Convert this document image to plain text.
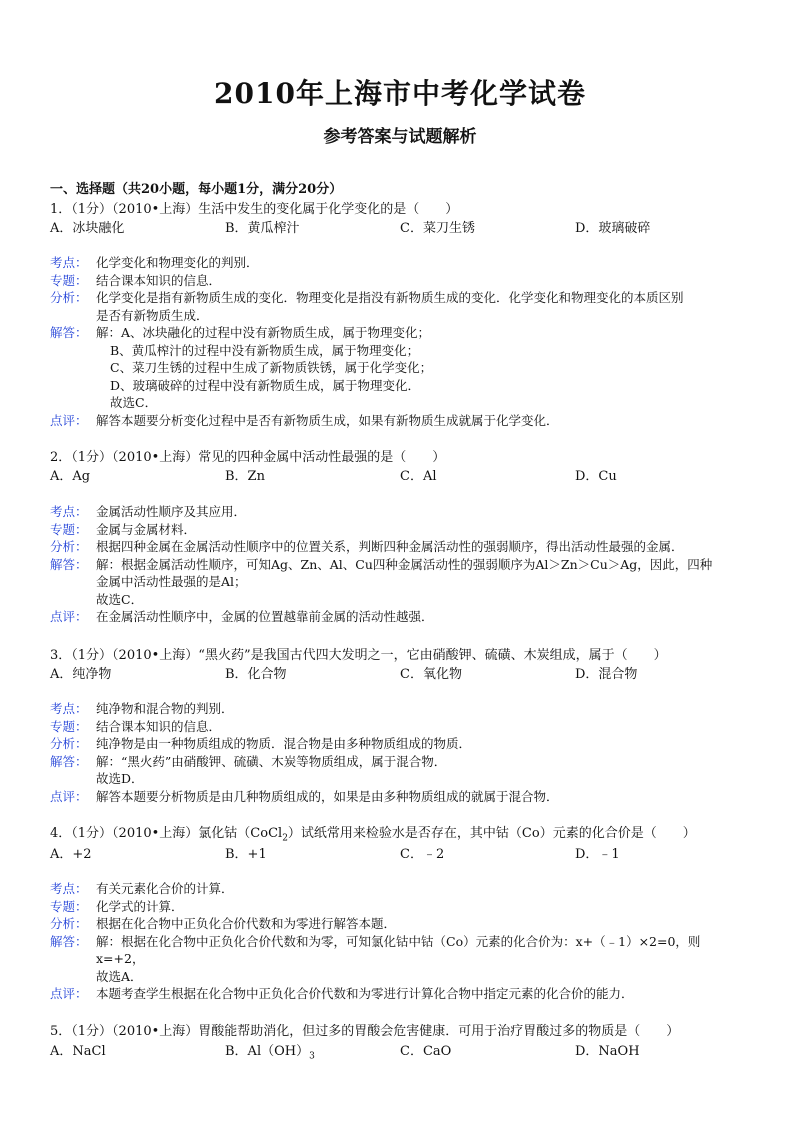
2010年上海市中考化学试卷
参考答案与试题解析
一、选择题（共20小题，每小题1分，满分20分）
1．（1分）（2010•上海）生活中发生的变化属于化学变化的是（　　）
A．冰块融化	B．黄瓜榨汁	C．菜刀生锈	D．玻璃破碎
考点： 化学变化和物理变化的判别．
专题： 结合课本知识的信息．
分析： 化学变化是指有新物质生成的变化．物理变化是指没有新物质生成的变化．化学变化和物理变化的本质区别
是否有新物质生成．
解答： 解：A、冰块融化的过程中没有新物质生成，属于物理变化；
B、黄瓜榨汁的过程中没有新物质生成，属于物理变化；
C、菜刀生锈的过程中生成了新物质铁锈，属于化学变化；
D、玻璃破碎的过程中没有新物质生成，属于物理变化．
故选C．
点评： 解答本题要分析变化过程中是否有新物质生成，如果有新物质生成就属于化学变化．
2．（1分）（2010•上海）常见的四种金属中活动性最强的是（　　）
A．Ag	B．Zn	C．Al	D．Cu
考点： 金属活动性顺序及其应用．
专题： 金属与金属材料．
分析： 根据四种金属在金属活动性顺序中的位置关系，判断四种金属活动性的强弱顺序，得出活动性最强的金属．
解答： 解：根据金属活动性顺序，可知Ag、Zn、Al、Cu四种金属活动性的强弱顺序为Al＞Zn＞Cu＞Ag，因此，四种
金属中活动性最强的是Al；
故选C．
点评： 在金属活动性顺序中，金属的位置越靠前金属的活动性越强．
3．（1分）（2010•上海）“黑火药”是我国古代四大发明之一，它由硝酸钾、硫磺、木炭组成，属于（　　）
A．纯净物	B．化合物	C．氧化物	D．混合物
考点： 纯净物和混合物的判别．
专题： 结合课本知识的信息．
分析： 纯净物是由一种物质组成的物质．混合物是由多种物质组成的物质．
解答： 解：“黑火药”由硝酸钾、硫磺、木炭等物质组成，属于混合物．
故选D．
点评： 解答本题要分析物质是由几种物质组成的，如果是由多种物质组成的就属于混合物．
4．（1分）（2010•上海）氯化钴（CoCl$_2$）试纸常用来检验水是否存在，其中钴（Co）元素的化合价是（　　）
A．+2	B．+1	C．﹣2	D．﹣1
考点： 有关元素化合价的计算．
专题： 化学式的计算．
分析： 根据在化合物中正负化合价代数和为零进行解答本题．
解答： 解：根据在化合物中正负化合价代数和为零，可知氯化钴中钴（Co）元素的化合价为：x+（﹣1）×2=0，则
x=+2，
故选A．
点评： 本题考查学生根据在化合物中正负化合价代数和为零进行计算化合物中指定元素的化合价的能力．
5．（1分）（2010•上海）胃酸能帮助消化，但过多的胃酸会危害健康．可用于治疗胃酸过多的物质是（　　）
A．NaCl	B．$Al(OH)_3$	C．CaO	D．NaOH
